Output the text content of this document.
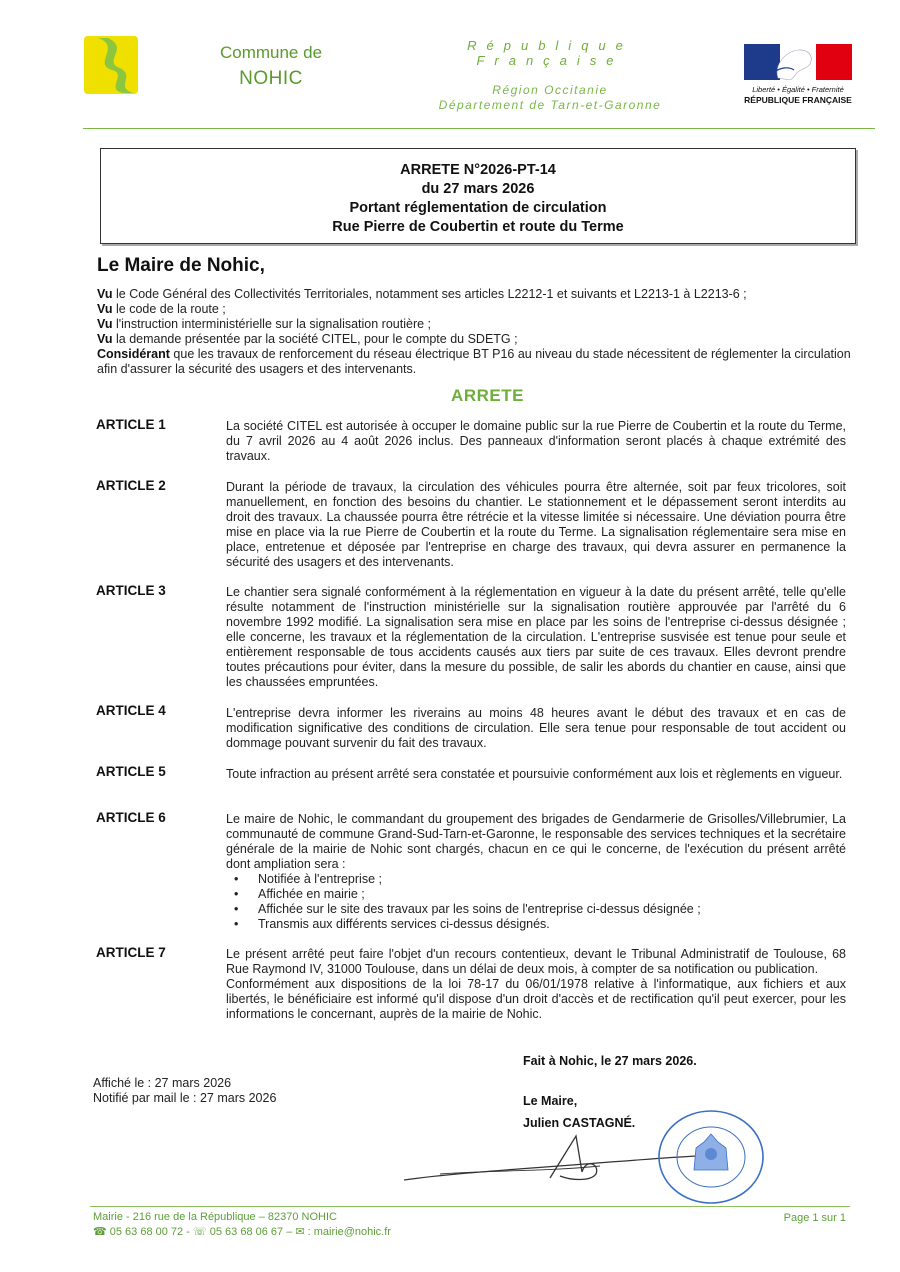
Commune de
NOHIC
République
Française
Région Occitanie
Département de Tarn-et-Garonne
Liberté • Égalité • Fraternité
RÉPUBLIQUE FRANÇAISE
ARRETE N°2026-PT-14
du 27 mars 2026
Portant réglementation de circulation
Rue Pierre de Coubertin et route du Terme
Le Maire de Nohic,
Vu le Code Général des Collectivités Territoriales, notamment ses articles L2212-1 et suivants et L2213-1 à L2213-6 ;
Vu le code de la route ;
Vu l'instruction interministérielle sur la signalisation routière ;
Vu la demande présentée par la société CITEL, pour le compte du SDETG ;
Considérant que les travaux de renforcement du réseau électrique BT P16 au niveau du stade nécessitent de réglementer la circulation afin d'assurer la sécurité des usagers et des intervenants.
ARRETE
ARTICLE 1	La société CITEL est autorisée à occuper le domaine public sur la rue Pierre de Coubertin et la route du Terme, du 7 avril 2026 au 4 août 2026 inclus. Des panneaux d'information seront placés à chaque extrémité des travaux.
ARTICLE 2	Durant la période de travaux, la circulation des véhicules pourra être alternée, soit par feux tricolores, soit manuellement, en fonction des besoins du chantier. Le stationnement et le dépassement seront interdits au droit des travaux. La chaussée pourra être rétrécie et la vitesse limitée si nécessaire. Une déviation pourra être mise en place via la rue Pierre de Coubertin et la route du Terme. La signalisation réglementaire sera mise en place, entretenue et déposée par l'entreprise en charge des travaux, qui devra assurer en permanence la sécurité des usagers et des intervenants.
ARTICLE 3	Le chantier sera signalé conformément à la réglementation en vigueur à la date du présent arrêté, telle qu'elle résulte notamment de l'instruction ministérielle sur la signalisation routière approuvée par l'arrêté du 6 novembre 1992 modifié. La signalisation sera mise en place par les soins de l'entreprise ci-dessus désignée ; elle concerne, les travaux et la réglementation de la circulation. L'entreprise susvisée est tenue pour seule et entièrement responsable de tous accidents causés aux tiers par suite de ces travaux. Elles devront prendre toutes précautions pour éviter, dans la mesure du possible, de salir les abords du chantier en cause, ainsi que les chaussées empruntées.
ARTICLE 4	L'entreprise devra informer les riverains au moins 48 heures avant le début des travaux et en cas de modification significative des conditions de circulation. Elle sera tenue pour responsable de tout accident ou dommage pouvant survenir du fait des travaux.
ARTICLE 5	Toute infraction au présent arrêté sera constatée et poursuivie conformément aux lois et règlements en vigueur.
ARTICLE 6	Le maire de Nohic, le commandant du groupement des brigades de Gendarmerie de Grisolles/Villebrumier, La communauté de commune Grand-Sud-Tarn-et-Garonne, le responsable des services techniques et la secrétaire générale de la mairie de Nohic sont chargés, chacun en ce qui le concerne, de l'exécution du présent arrêté dont ampliation sera :
• Notifiée à l'entreprise ;
• Affichée en mairie ;
• Affichée sur le site des travaux par les soins de l'entreprise ci-dessus désignée ;
• Transmis aux différents services ci-dessus désignés.
ARTICLE 7	Le présent arrêté peut faire l'objet d'un recours contentieux, devant le Tribunal Administratif de Toulouse, 68 Rue Raymond IV, 31000 Toulouse, dans un délai de deux mois, à compter de sa notification ou publication.
Conformément aux dispositions de la loi 78-17 du 06/01/1978 relative à l'informatique, aux fichiers et aux libertés, le bénéficiaire est informé qu'il dispose d'un droit d'accès et de rectification qu'il peut exercer, pour les informations le concernant, auprès de la mairie de Nohic.
Fait à Nohic, le 27 mars 2026.
Le Maire,
Julien CASTAGNÉ.
Affiché le : 27 mars 2026
Notifié par mail le : 27 mars 2026
Mairie - 216 rue de la République – 82370 NOHIC
☎ 05 63 68 00 72 - ☏ 05 63 68 06 67 – ✉ : mairie@nohic.fr
Page 1 sur 1
